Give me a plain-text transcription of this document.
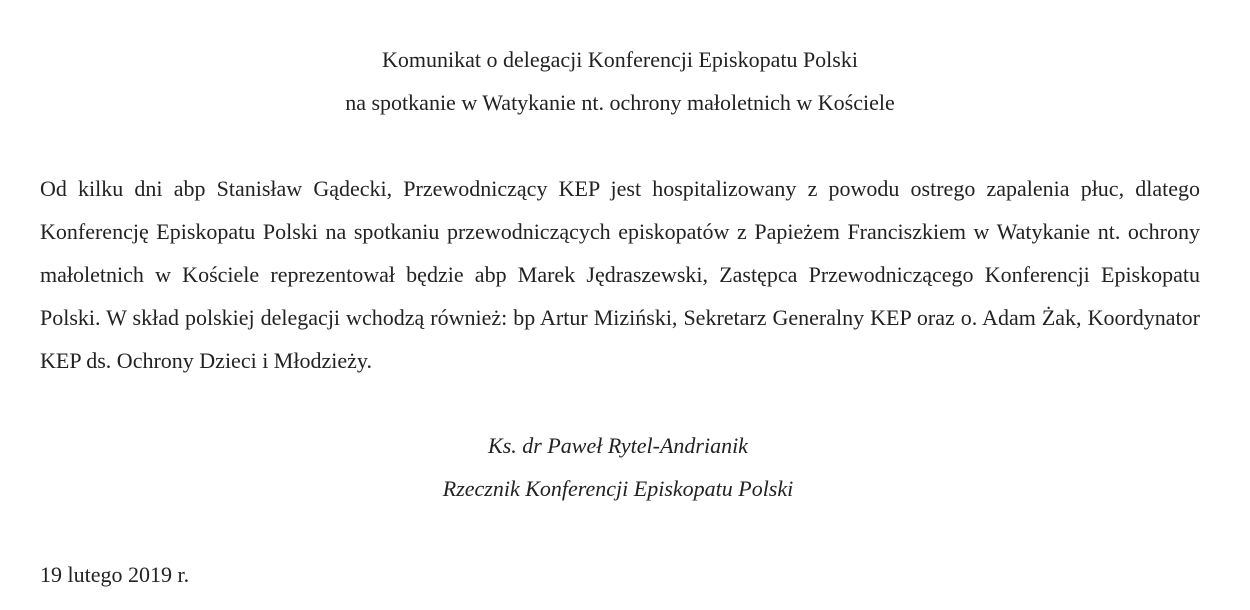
Komunikat o delegacji Konferencji Episkopatu Polski
na spotkanie w Watykanie nt. ochrony małoletnich w Kościele

Od kilku dni abp Stanisław Gądecki, Przewodniczący KEP jest hospitalizowany z powodu ostrego zapalenia płuc, dlatego Konferencję Episkopatu Polski na spotkaniu przewodniczących episkopatów z Papieżem Franciszkiem w Watykanie nt. ochrony małoletnich w Kościele reprezentował będzie abp Marek Jędraszewski, Zastępca Przewodniczącego Konferencji Episkopatu Polski. W skład polskiej delegacji wchodzą również: bp Artur Miziński, Sekretarz Generalny KEP oraz o. Adam Żak, Koordynator KEP ds. Ochrony Dzieci i Młodzieży.

Ks. dr Paweł Rytel-Andrianik
Rzecznik Konferencji Episkopatu Polski
19 lutego 2019 r.
